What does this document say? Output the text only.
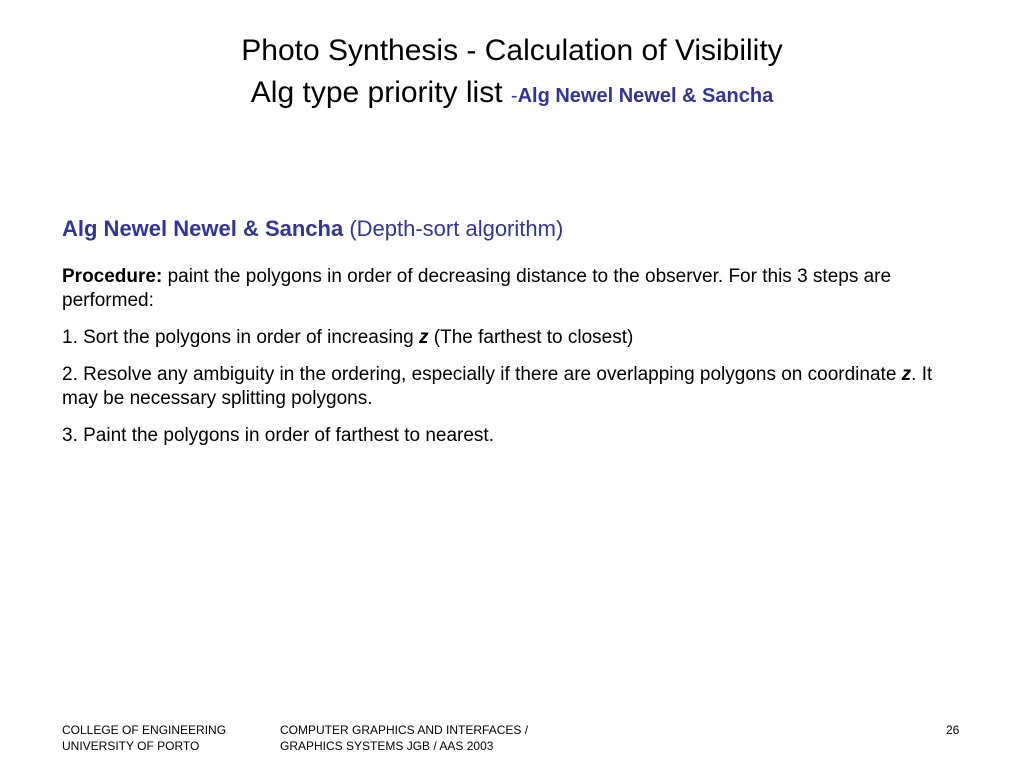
Photo Synthesis - Calculation of Visibility

Alg type priority list -Alg Newel Newel & Sancha

Alg Newel Newel & Sancha (Depth-sort algorithm)

Procedure: paint the polygons in order of decreasing distance to the observer. For this 3 steps are performed:

1. Sort the polygons in order of increasing z (The farthest to closest)

2. Resolve any ambiguity in the ordering, especially if there are overlapping polygons on coordinate z. It may be necessary splitting polygons.

3. Paint the polygons in order of farthest to nearest.

COLLEGE OF ENGINEERING
UNIVERSITY OF PORTO
COMPUTER GRAPHICS AND INTERFACES /
GRAPHICS SYSTEMS JGB / AAS 2003
26
